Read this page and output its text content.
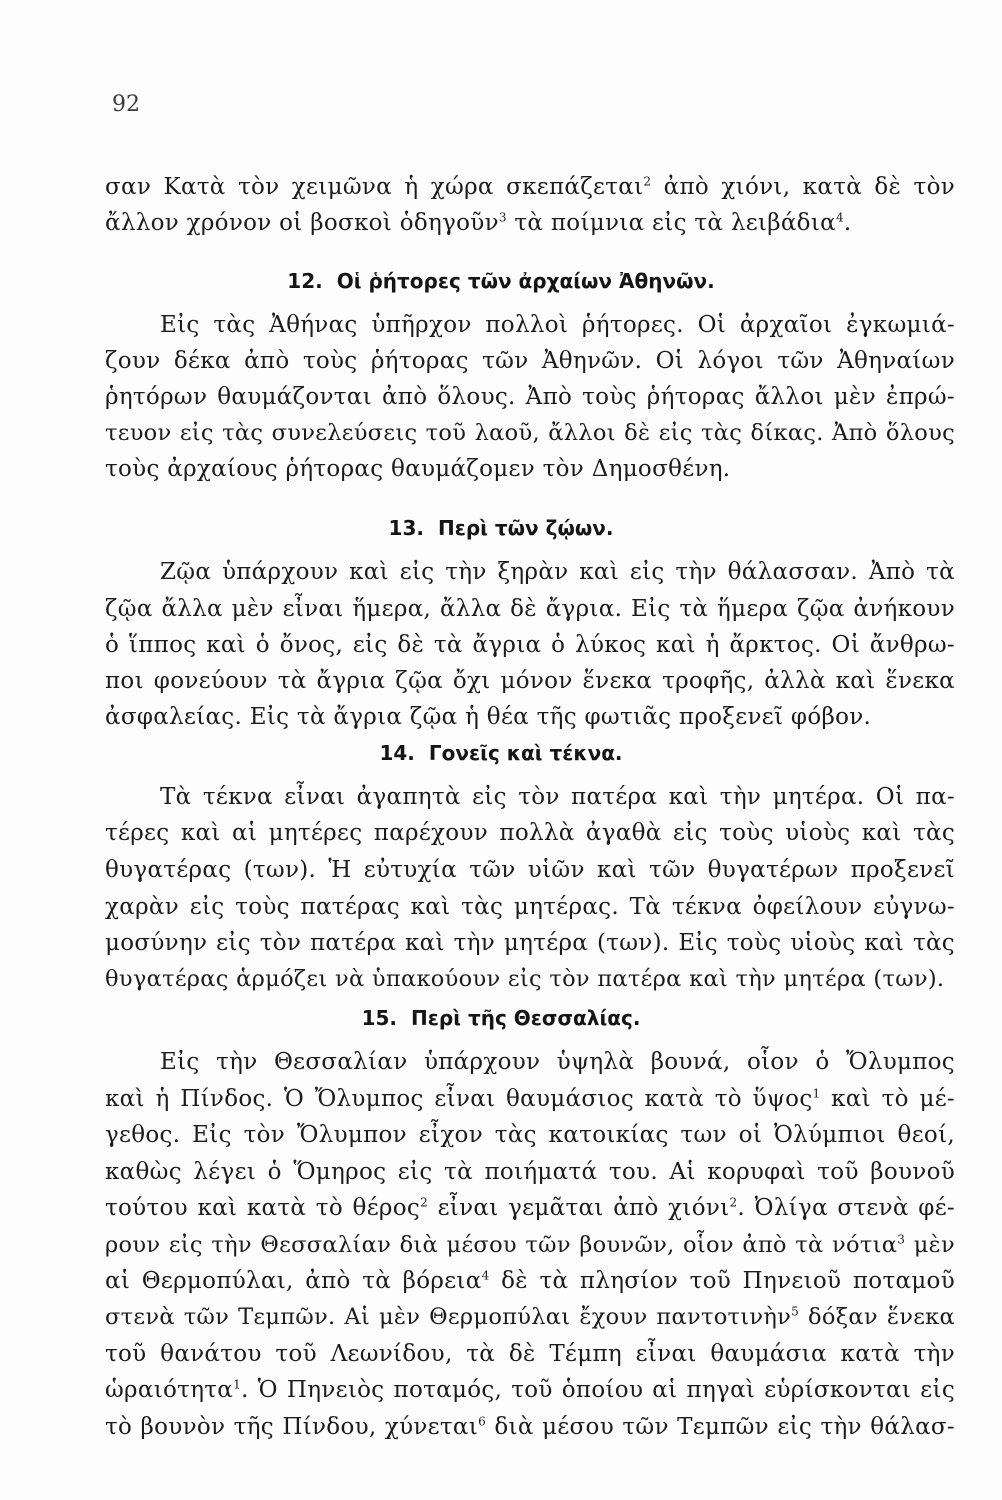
92
σαν Κατὰ τὸν χειμῶνα ἡ χώρα σκεπάζεται$^2$ ἀπὸ χιόνι, κατὰ δὲ τὸν
ἄλλον χρόνον οἱ βοσκοὶ ὁδηγοῦν$^3$ τὰ ποίμνια εἰς τὰ λειβάδια$^4$.
12. Οἱ ῥήτορες τῶν ἀρχαίων Ἀθηνῶν.
Εἰς τὰς Ἀθήνας ὑπῆρχον πολλοὶ ῥήτορες. Οἱ ἀρχαῖοι ἐγκωμιά-
ζουν δέκα ἀπὸ τοὺς ῥήτορας τῶν Ἀθηνῶν. Οἱ λόγοι τῶν Ἀθηναίων
ῥητόρων θαυμάζονται ἀπὸ ὅλους. Ἀπὸ τοὺς ῥήτορας ἄλλοι μὲν ἐπρώ-
τευον εἰς τὰς συνελεύσεις τοῦ λαοῦ, ἄλλοι δὲ εἰς τὰς δίκας. Ἀπὸ ὅλους
τοὺς ἀρχαίους ῥήτορας θαυμάζομεν τὸν Δημοσθένη.
13. Περὶ τῶν ζῴων.
Ζῷα ὑπάρχουν καὶ εἰς τὴν ξηρὰν καὶ εἰς τὴν θάλασσαν. Ἀπὸ τὰ
ζῷα ἄλλα μὲν εἶναι ἥμερα, ἄλλα δὲ ἄγρια. Εἰς τὰ ἥμερα ζῷα ἀνήκουν
ὁ ἵππος καὶ ὁ ὄνος, εἰς δὲ τὰ ἄγρια ὁ λύκος καὶ ἡ ἄρκτος. Οἱ ἄνθρω-
ποι φονεύουν τὰ ἄγρια ζῷα ὄχι μόνον ἕνεκα τροφῆς, ἀλλὰ καὶ ἕνεκα
ἀσφαλείας. Εἰς τὰ ἄγρια ζῷα ἡ θέα τῆς φωτιᾶς προξενεῖ φόβον.
14. Γονεῖς καὶ τέκνα.
Τὰ τέκνα εἶναι ἀγαπητὰ εἰς τὸν πατέρα καὶ τὴν μητέρα. Οἱ πα-
τέρες καὶ αἱ μητέρες παρέχουν πολλὰ ἀγαθὰ εἰς τοὺς υἱοὺς καὶ τὰς
θυγατέρας (των). Ἡ εὐτυχία τῶν υἱῶν καὶ τῶν θυγατέρων προξενεῖ
χαρὰν εἰς τοὺς πατέρας καὶ τὰς μητέρας. Τὰ τέκνα ὀφείλουν εὐγνω-
μοσύνην εἰς τὸν πατέρα καὶ τὴν μητέρα (των). Εἰς τοὺς υἱοὺς καὶ τὰς
θυγατέρας ἁρμόζει νὰ ὑπακούουν εἰς τὸν πατέρα καὶ τὴν μητέρα (των).
15. Περὶ τῆς Θεσσαλίας.
Εἰς τὴν Θεσσαλίαν ὑπάρχουν ὑψηλὰ βουνά, οἷον ὁ Ὄλυμπος
καὶ ἡ Πίνδος. Ὁ Ὄλυμπος εἶναι θαυμάσιος κατὰ τὸ ὕψος$^1$ καὶ τὸ μέ-
γεθος. Εἰς τὸν Ὄλυμπον εἶχον τὰς κατοικίας των οἱ Ὀλύμπιοι θεοί,
καθὼς λέγει ὁ Ὅμηρος εἰς τὰ ποιήματά του. Αἱ κορυφαὶ τοῦ βουνοῦ
τούτου καὶ κατὰ τὸ θέρος$^2$ εἶναι γεμᾶται ἀπὸ χιόνι$^2$. Ὀλίγα στενὰ φέ-
ρουν εἰς τὴν Θεσσαλίαν διὰ μέσου τῶν βουνῶν, οἷον ἀπὸ τὰ νότια$^3$ μὲν
αἱ Θερμοπύλαι, ἀπὸ τὰ βόρεια$^4$ δὲ τὰ πλησίον τοῦ Πηνειοῦ ποταμοῦ
στενὰ τῶν Τεμπῶν. Αἱ μὲν Θερμοπύλαι ἔχουν παντοτινὴν$^5$ δόξαν ἕνεκα
τοῦ θανάτου τοῦ Λεωνίδου, τὰ δὲ Τέμπη εἶναι θαυμάσια κατὰ τὴν
ὡραιότητα$^1$. Ὁ Πηνειὸς ποταμός, τοῦ ὁποίου αἱ πηγαὶ εὑρίσκονται εἰς
τὸ βουνὸν τῆς Πίνδου, χύνεται$^6$ διὰ μέσου τῶν Τεμπῶν εἰς τὴν θάλασ-
